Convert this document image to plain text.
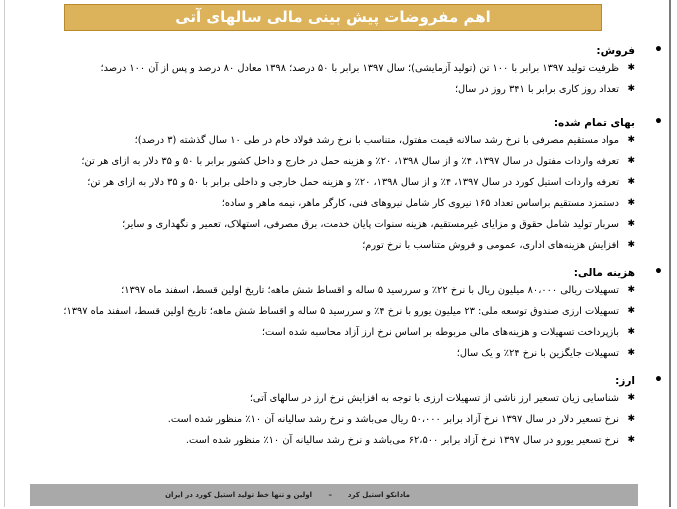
اهم مفروضات پیش بینی مالی سالهای آتی
•
فروش:
✱
ظرفیت تولید ۱۳۹۷ برابر با ۱۰۰ تن (تولید آزمایشی)؛ سال ۱۳۹۷ برابر با ۵۰ درصد؛ ۱۳۹۸ معادل ۸۰ درصد و پس از آن ۱۰۰ درصد؛
✱
تعداد روز کاری برابر با ۳۴۱ روز در سال؛
•
بهای تمام شده:
✱
مواد مستقیم مصرفی با نرخ رشد سالانه قیمت مفتول، متناسب با نرخ رشد فولاد خام در طی ۱۰ سال گذشته (۳ درصد)؛
✱
تعرفه واردات مفتول در سال ۱۳۹۷، ۴٪ و از سال ۱۳۹۸، ۲۰٪ و هزینه حمل در خارج و داخل کشور برابر با ۵۰ و ۳۵ دلار به ازای هر تن؛
✱
تعرفه واردات استیل کورد در سال ۱۳۹۷، ۴٪ و از سال ۱۳۹۸، ۲۰٪ و هزینه حمل خارجی و داخلی برابر با ۵۰ و ۳۵ دلار به ازای هر تن؛
✱
دستمزد مستقیم براساس تعداد ۱۶۵ نیروی کار شامل نیروهای فنی، کارگر ماهر، نیمه ماهر و ساده؛
✱
سربار تولید شامل حقوق و مزایای غیرمستقیم، هزینه سنوات پایان خدمت، برق مصرفی، استهلاک، تعمیر و نگهداری و سایر؛
✱
افزایش هزینه‌های اداری، عمومی و فروش متناسب با نرخ تورم؛
•
هزینه مالی:
✱
تسهیلات ریالی ۸۰،۰۰۰ میلیون ریال با نرخ ۲۲٪ و سررسید ۵ ساله و اقساط شش ماهه؛ تاریخ اولین قسط، اسفند ماه ۱۳۹۷؛
✱
تسهیلات ارزی صندوق توسعه ملی: ۲۳ میلیون یورو با نرخ ۴٪ و سررسید ۵ ساله و اقساط شش ماهه؛ تاریخ اولین قسط، اسفند ماه ۱۳۹۷؛
✱
بازپرداخت تسهیلات و هزینه‌های مالی مربوطه بر اساس نرخ ارز آزاد محاسبه شده است؛
✱
تسهیلات جایگزین با نرخ ۲۴٪ و یک سال؛
•
ارز:
✱
شناسایی زیان تسعیر ارز ناشی از تسهیلات ارزی با توجه به افزایش نرخ ارز در سالهای آتی؛
✱
نرخ تسعیر دلار در سال ۱۳۹۷ نرخ آزاد برابر ۵۰،۰۰۰ ریال می‌باشد و نرخ رشد سالیانه آن ۱۰٪ منظور شده است.
✱
نرخ تسعیر یورو در سال ۱۳۹۷ نرخ آزاد برابر ۶۲،۵۰۰ می‌باشد و نرخ رشد سالیانه آن ۱۰٪ منظور شده است.
مادانکو استیل کرد
–
اولین و تنها خط تولید استیل کورد در ایران
